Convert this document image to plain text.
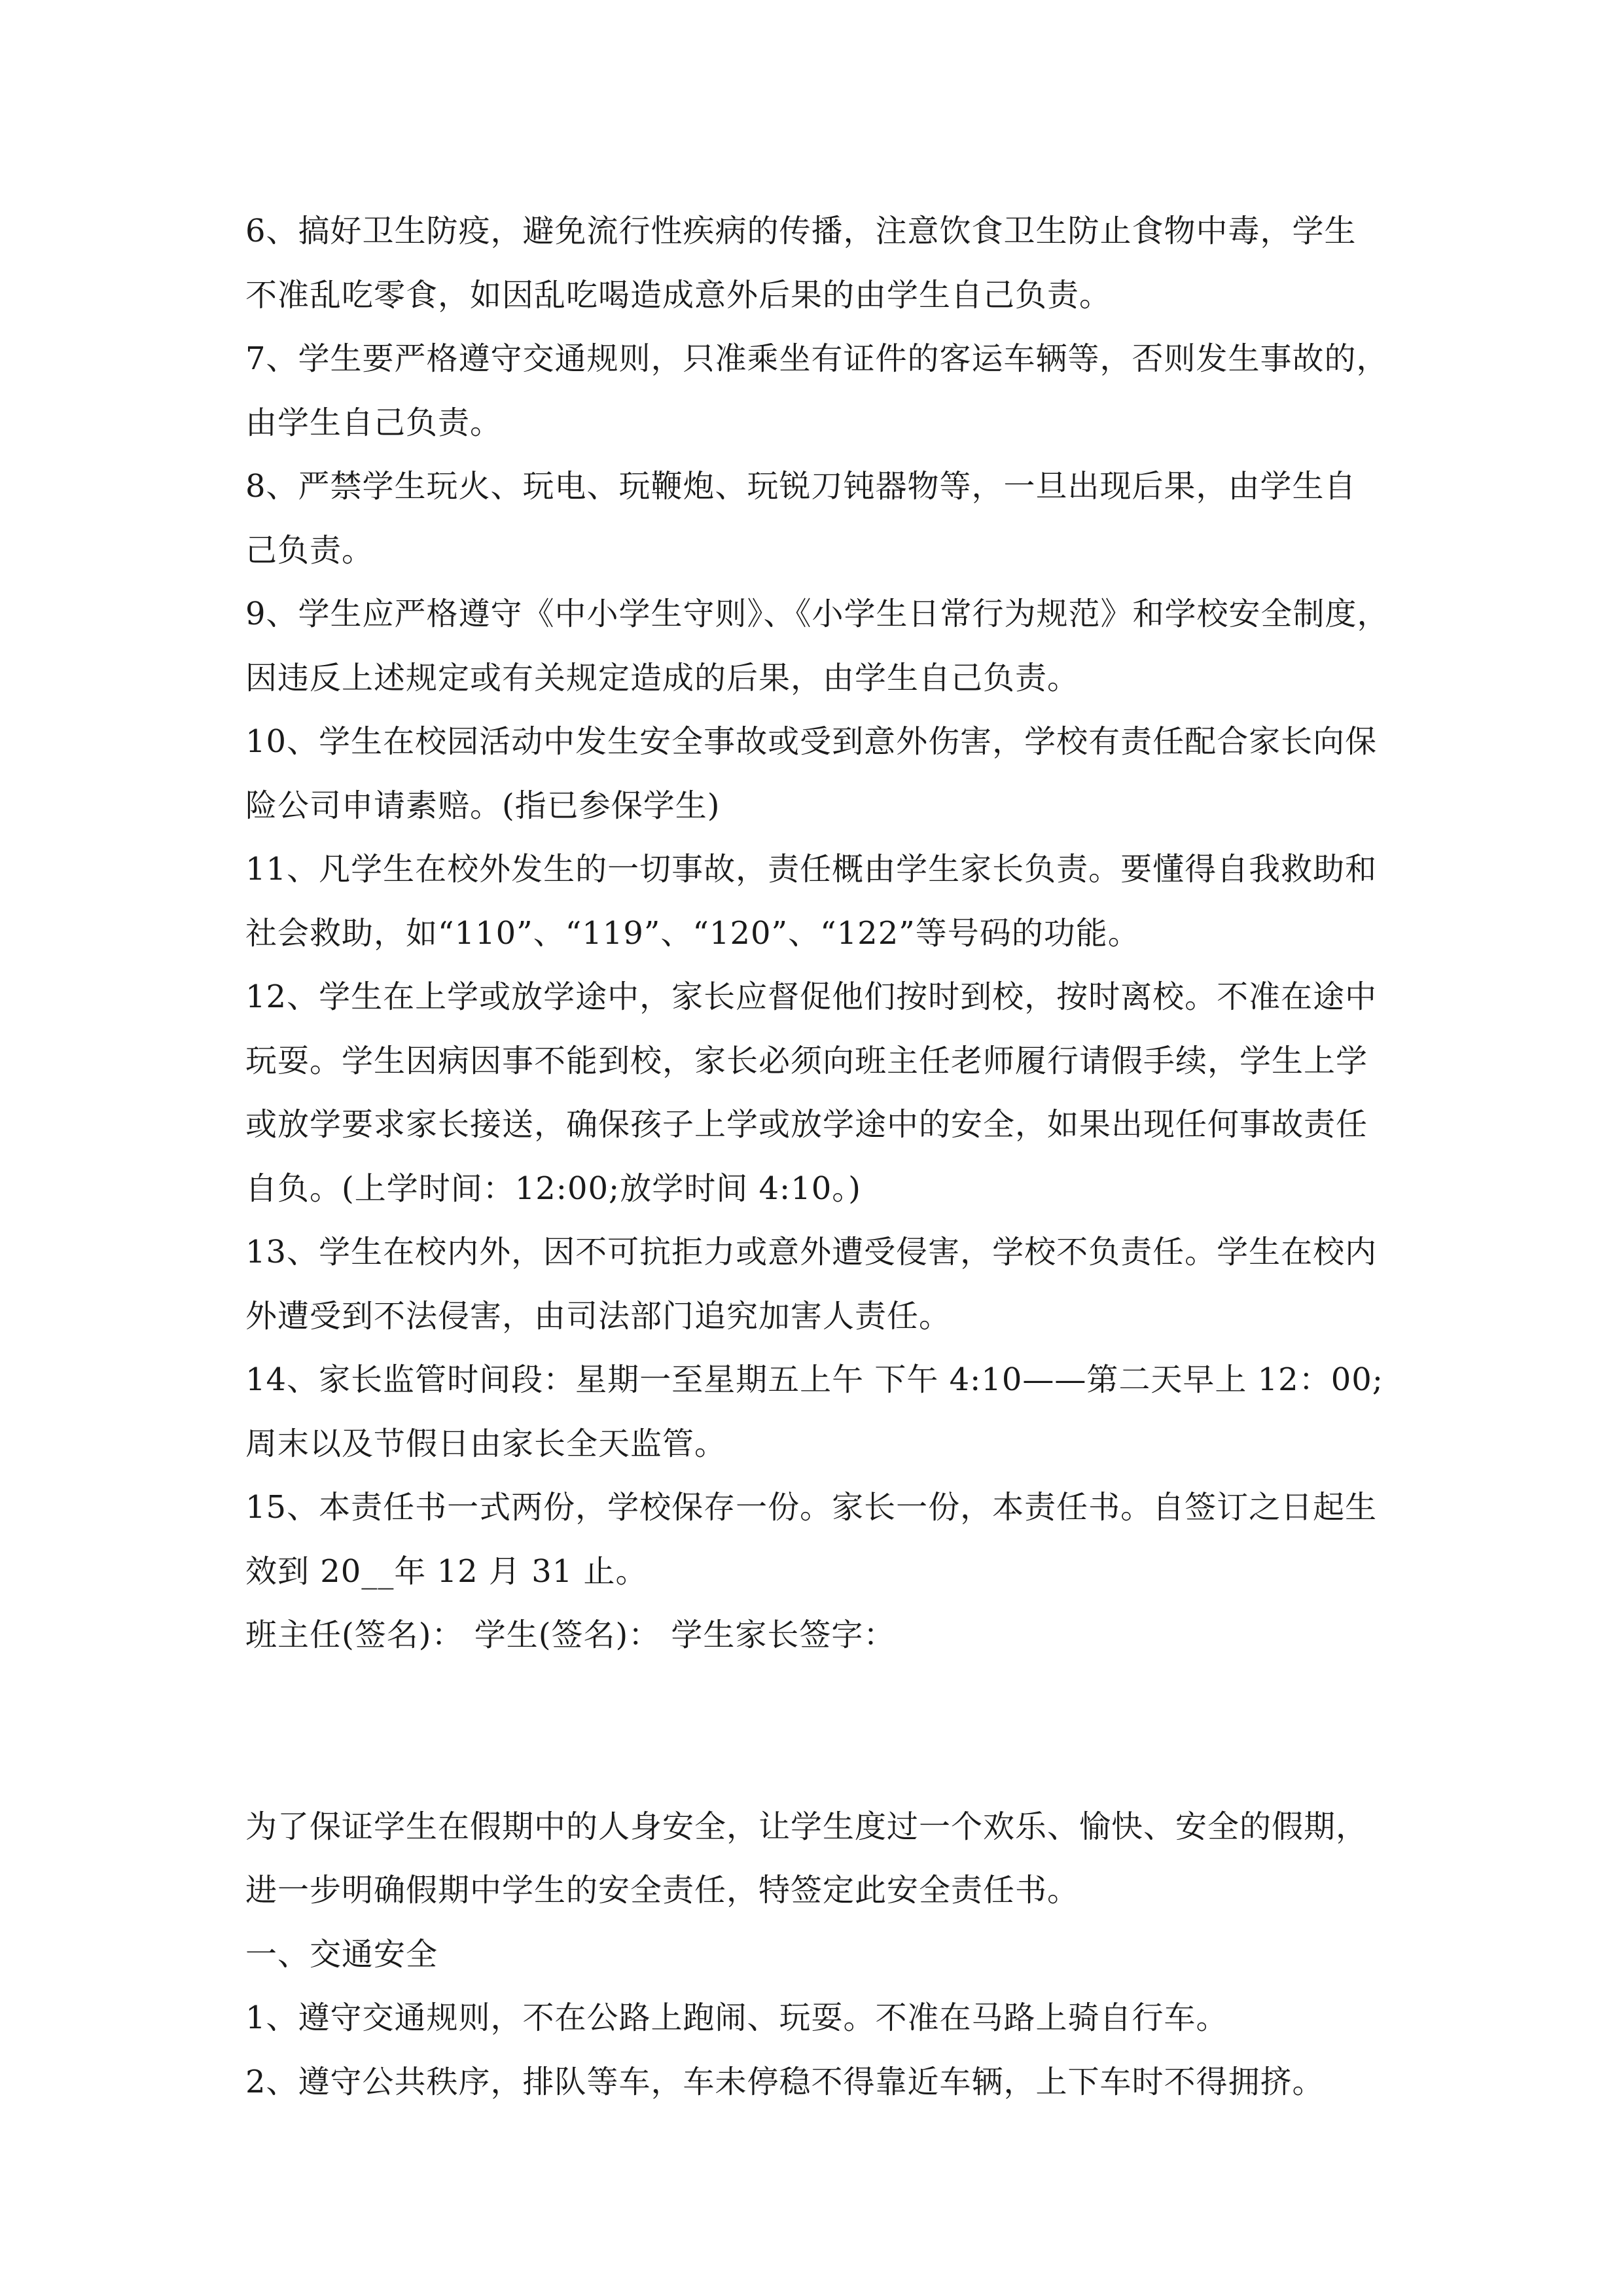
6、搞好卫生防疫，避免流行性疾病的传播，注意饮食卫生防止食物中毒，学生
不准乱吃零食，如因乱吃喝造成意外后果的由学生自己负责。

7、学生要严格遵守交通规则，只准乘坐有证件的客运车辆等，否则发生事故的，
由学生自己负责。

8、严禁学生玩火、玩电、玩鞭炮、玩锐刀钝器物等，一旦出现后果，由学生自
己负责。

9、学生应严格遵守《中小学生守则》、《小学生日常行为规范》和学校安全制度，
因违反上述规定或有关规定造成的后果，由学生自己负责。

10、学生在校园活动中发生安全事故或受到意外伤害，学校有责任配合家长向保
险公司申请素赔。(指已参保学生)

11、凡学生在校外发生的一切事故，责任概由学生家长负责。要懂得自我救助和
社会救助，如“110”、“119”、“120”、“122”等号码的功能。

12、学生在上学或放学途中，家长应督促他们按时到校，按时离校。不准在途中
玩耍。学生因病因事不能到校，家长必须向班主任老师履行请假手续，学生上学
或放学要求家长接送，确保孩子上学或放学途中的安全，如果出现任何事故责任
自负。(上学时间：12:00;放学时间 4:10。)

13、学生在校内外，因不可抗拒力或意外遭受侵害，学校不负责任。学生在校内
外遭受到不法侵害，由司法部门追究加害人责任。

14、家长监管时间段：星期一至星期五上午 下午 4:10——第二天早上 12：00;
周末以及节假日由家长全天监管。

15、本责任书一式两份，学校保存一份。家长一份，本责任书。自签订之日起生
效到 20__年 12 月 31 止。

班主任(签名)： 学生(签名)： 学生家长签字：

为了保证学生在假期中的人身安全，让学生度过一个欢乐、愉快、安全的假期，
进一步明确假期中学生的安全责任，特签定此安全责任书。

一、交通安全

1、遵守交通规则，不在公路上跑闹、玩耍。不准在马路上骑自行车。

2、遵守公共秩序，排队等车，车未停稳不得靠近车辆，上下车时不得拥挤。
